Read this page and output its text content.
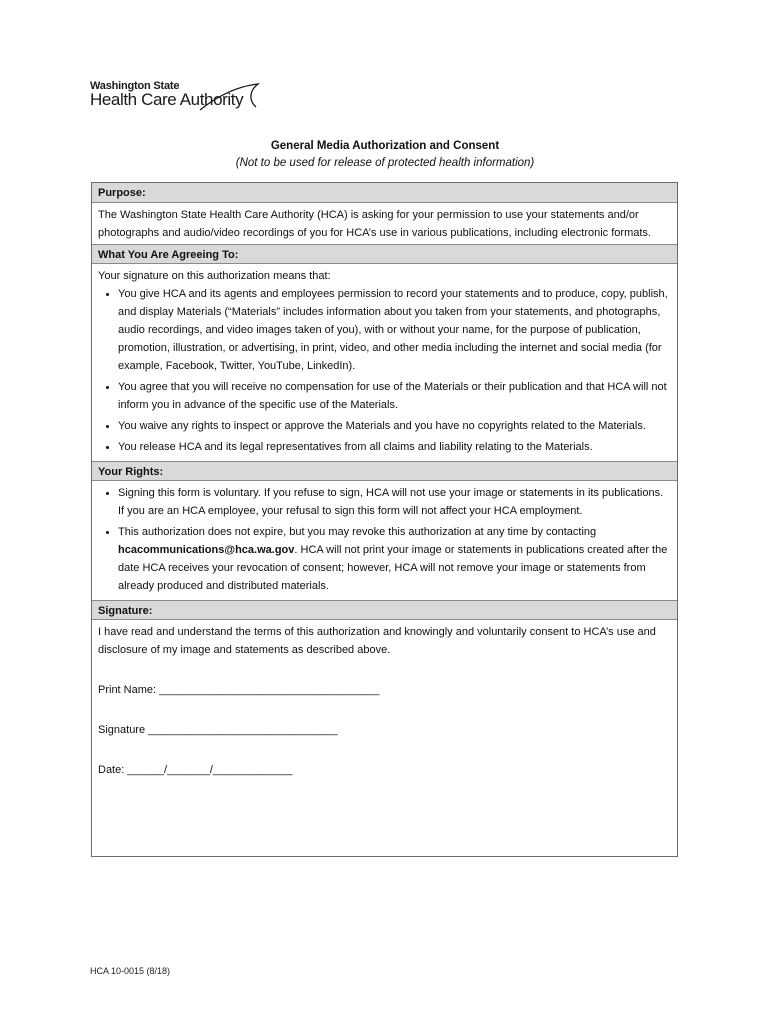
Washington State
Health Care Authority
General Media Authorization and Consent
(Not to be used for release of protected health information)
Purpose:
The Washington State Health Care Authority (HCA) is asking for your permission to use your statements and/or photographs and audio/video recordings of you for HCA’s use in various publications, including electronic formats.
What You Are Agreeing To:
Your signature on this authorization means that:
• You give HCA and its agents and employees permission to record your statements and to produce, copy, publish, and display Materials (“Materials” includes information about you taken from your statements, and photographs, audio recordings, and video images taken of you), with or without your name, for the purpose of publication, promotion, illustration, or advertising, in print, video, and other media including the internet and social media (for example, Facebook, Twitter, YouTube, LinkedIn).
• You agree that you will receive no compensation for use of the Materials or their publication and that HCA will not inform you in advance of the specific use of the Materials.
• You waive any rights to inspect or approve the Materials and you have no copyrights related to the Materials.
• You release HCA and its legal representatives from all claims and liability relating to the Materials.
Your Rights:
• Signing this form is voluntary. If you refuse to sign, HCA will not use your image or statements in its publications. If you are an HCA employee, your refusal to sign this form will not affect your HCA employment.
• This authorization does not expire, but you may revoke this authorization at any time by contacting hcacommunications@hca.wa.gov. HCA will not print your image or statements in publications created after the date HCA receives your revocation of consent; however, HCA will not remove your image or statements from already produced and distributed materials.
Signature:
I have read and understand the terms of this authorization and knowingly and voluntarily consent to HCA’s use and disclosure of my image and statements as described above.
Print Name: ____________________________________
Signature _______________________________
Date: ______/_______/_____________
HCA 10-0015 (8/18)
